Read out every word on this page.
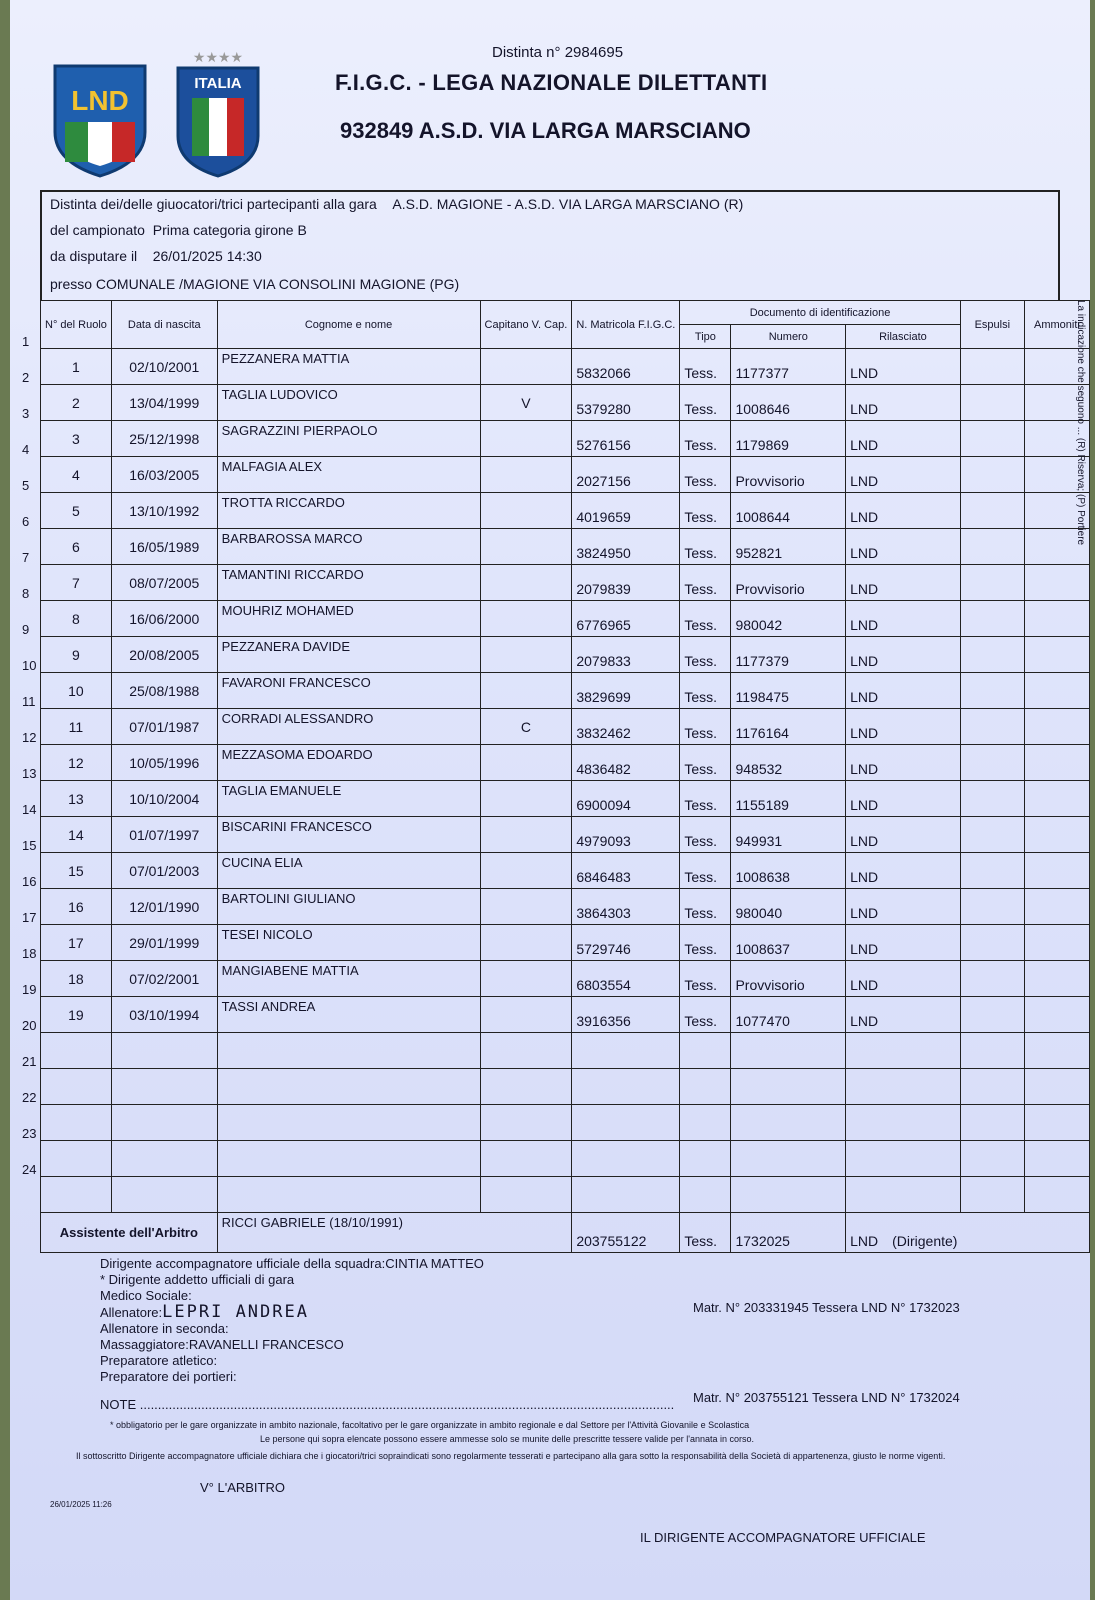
LND
★★★★
ITALIA
Distinta n° 2984695
F.I.G.C. - LEGA NAZIONALE DILETTANTI
932849 A.S.D. VIA LARGA MARSCIANO
Distinta dei/delle giuocatori/trici partecipanti alla gara A.S.D. MAGIONE - A.S.D. VIA LARGA MARSCIANO (R)
del campionato Prima categoria girone B
da disputare il 26/01/2025 14:30
presso COMUNALE /MAGIONE VIA CONSOLINI MAGIONE (PG)
1
2
3
4
5
6
7
8
9
10
11
12
13
14
15
16
17
18
19
20
21
22
23
24
N° del Ruolo	Data di nascita	Cognome e nome	Capitano V. Cap.	N. Matricola F.I.G.C.	Documento di identificazione			Espulsi	Ammoniti
					Tipo	Numero	Rilasciato		
1	02/10/2001	PEZZANERA MATTIA		5832066	Tess.	1177377	LND		
2	13/04/1999	TAGLIA LUDOVICO	V	5379280	Tess.	1008646	LND		
3	25/12/1998	SAGRAZZINI PIERPAOLO		5276156	Tess.	1179869	LND		
4	16/03/2005	MALFAGIA ALEX		2027156	Tess.	Provvisorio	LND		
5	13/10/1992	TROTTA RICCARDO		4019659	Tess.	1008644	LND		
6	16/05/1989	BARBAROSSA MARCO		3824950	Tess.	952821	LND		
7	08/07/2005	TAMANTINI RICCARDO		2079839	Tess.	Provvisorio	LND		
8	16/06/2000	MOUHRIZ MOHAMED		6776965	Tess.	980042	LND		
9	20/08/2005	PEZZANERA DAVIDE		2079833	Tess.	1177379	LND		
10	25/08/1988	FAVARONI FRANCESCO		3829699	Tess.	1198475	LND		
11	07/01/1987	CORRADI ALESSANDRO	C	3832462	Tess.	1176164	LND		
12	10/05/1996	MEZZASOMA EDOARDO		4836482	Tess.	948532	LND		
13	10/10/2004	TAGLIA EMANUELE		6900094	Tess.	1155189	LND		
14	01/07/1997	BISCARINI FRANCESCO		4979093	Tess.	949931	LND		
15	07/01/2003	CUCINA ELIA		6846483	Tess.	1008638	LND		
16	12/01/1990	BARTOLINI GIULIANO		3864303	Tess.	980040	LND		
17	29/01/1999	TESEI NICOLO		5729746	Tess.	1008637	LND		
18	07/02/2001	MANGIABENE MATTIA		6803554	Tess.	Provvisorio	LND		
19	03/10/1994	TASSI ANDREA		3916356	Tess.	1077470	LND		

Assistente dell'Arbitro		RICCI GABRIELE (18/10/1991)		203755122	Tess.	1732025	LND (Dirigente)		
Dirigente accompagnatore ufficiale della squadra:CINTIA MATTEO
* Dirigente addetto ufficiali di gara
Medico Sociale:
Allenatore:LEPRI ANDREA
Allenatore in seconda:
Massaggiatore:RAVANELLI FRANCESCO
Preparatore atletico:
Preparatore dei portieri:
NOTE ....................................................................................................................................................
Matr. N° 203331945 Tessera LND N° 1732023
Matr. N° 203755121 Tessera LND N° 1732024
* obbligatorio per le gare organizzate in ambito nazionale, facoltativo per le gare organizzate in ambito regionale e dal Settore per l'Attività Giovanile e Scolastica
Le persone qui sopra elencate possono essere ammesse solo se munite delle prescritte tessere valide per l'annata in corso.
Il sottoscritto Dirigente accompagnatore ufficiale dichiara che i giocatori/trici sopraindicati sono regolarmente tesserati e partecipano alla gara sotto la responsabilità della Società di appartenenza, giusto le norme vigenti.
V° L'ARBITRO
26/01/2025 11:26
IL DIRIGENTE ACCOMPAGNATORE UFFICIALE
La indicazione che seguono ... (R) Riserva; (P) Portiere
